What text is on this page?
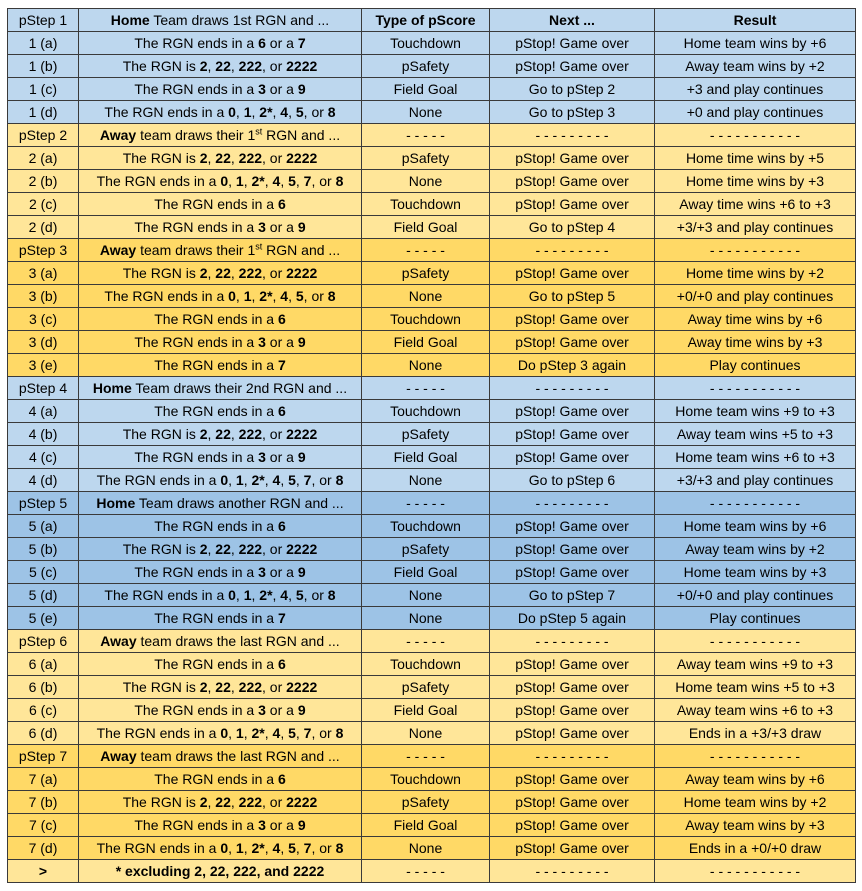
pStep 1	Home Team draws 1st RGN and ...	Type of pScore	Next ...	Result
1 (a)	The RGN ends in a 6 or a 7	Touchdown	pStop! Game over	Home team wins by +6
1 (b)	The RGN is 2, 22, 222, or 2222	pSafety	pStop! Game over	Away team wins by +2
1 (c)	The RGN ends in a 3 or a 9	Field Goal	Go to pStep 2	+3 and play continues
1 (d)	The RGN ends in a 0, 1, 2*, 4, 5, or 8	None	Go to pStep 3	+0 and play continues
pStep 2	Away team draws their 1st RGN and ...	- - - - -	- - - - - - - - -	- - - - - - - - - - -
2 (a)	The RGN is 2, 22, 222, or 2222	pSafety	pStop! Game over	Home time wins by +5
2 (b)	The RGN ends in a 0, 1, 2*, 4, 5, 7, or 8	None	pStop! Game over	Home time wins by +3
2 (c)	The RGN ends in a 6	Touchdown	pStop! Game over	Away time wins +6 to +3
2 (d)	The RGN ends in a 3 or a 9	Field Goal	Go to pStep 4	+3/+3 and play continues
pStep 3	Away team draws their 1st RGN and ...	- - - - -	- - - - - - - - -	- - - - - - - - - - -
3 (a)	The RGN is 2, 22, 222, or 2222	pSafety	pStop! Game over	Home time wins by +2
3 (b)	The RGN ends in a 0, 1, 2*, 4, 5, or 8	None	Go to pStep 5	+0/+0 and play continues
3 (c)	The RGN ends in a 6	Touchdown	pStop! Game over	Away time wins by +6
3 (d)	The RGN ends in a 3 or a 9	Field Goal	pStop! Game over	Away time wins by +3
3 (e)	The RGN ends in a 7	None	Do pStep 3 again	Play continues
pStep 4	Home Team draws their 2nd RGN and ...	- - - - -	- - - - - - - - -	- - - - - - - - - - -
4 (a)	The RGN ends in a 6	Touchdown	pStop! Game over	Home team wins +9 to +3
4 (b)	The RGN is 2, 22, 222, or 2222	pSafety	pStop! Game over	Away team wins +5 to +3
4 (c)	The RGN ends in a 3 or a 9	Field Goal	pStop! Game over	Home team wins +6 to +3
4 (d)	The RGN ends in a 0, 1, 2*, 4, 5, 7, or 8	None	Go to pStep 6	+3/+3 and play continues
pStep 5	Home Team draws another RGN and ...	- - - - -	- - - - - - - - -	- - - - - - - - - - -
5 (a)	The RGN ends in a 6	Touchdown	pStop! Game over	Home team wins by +6
5 (b)	The RGN is 2, 22, 222, or 2222	pSafety	pStop! Game over	Away team wins by +2
5 (c)	The RGN ends in a 3 or a 9	Field Goal	pStop! Game over	Home team wins by +3
5 (d)	The RGN ends in a 0, 1, 2*, 4, 5, or 8	None	Go to pStep 7	+0/+0 and play continues
5 (e)	The RGN ends in a 7	None	Do pStep 5 again	Play continues
pStep 6	Away team draws the last RGN and ...	- - - - -	- - - - - - - - -	- - - - - - - - - - -
6 (a)	The RGN ends in a 6	Touchdown	pStop! Game over	Away team wins +9 to +3
6 (b)	The RGN is 2, 22, 222, or 2222	pSafety	pStop! Game over	Home team wins +5 to +3
6 (c)	The RGN ends in a 3 or a 9	Field Goal	pStop! Game over	Away team wins +6 to +3
6 (d)	The RGN ends in a 0, 1, 2*, 4, 5, 7, or 8	None	pStop! Game over	Ends in a +3/+3 draw
pStep 7	Away team draws the last RGN and ...	- - - - -	- - - - - - - - -	- - - - - - - - - - -
7 (a)	The RGN ends in a 6	Touchdown	pStop! Game over	Away team wins by +6
7 (b)	The RGN is 2, 22, 222, or 2222	pSafety	pStop! Game over	Home team wins by +2
7 (c)	The RGN ends in a 3 or a 9	Field Goal	pStop! Game over	Away team wins by +3
7 (d)	The RGN ends in a 0, 1, 2*, 4, 5, 7, or 8	None	pStop! Game over	Ends in a +0/+0 draw
>	* excluding 2, 22, 222, and 2222	- - - - -	- - - - - - - - -	- - - - - - - - - - -
